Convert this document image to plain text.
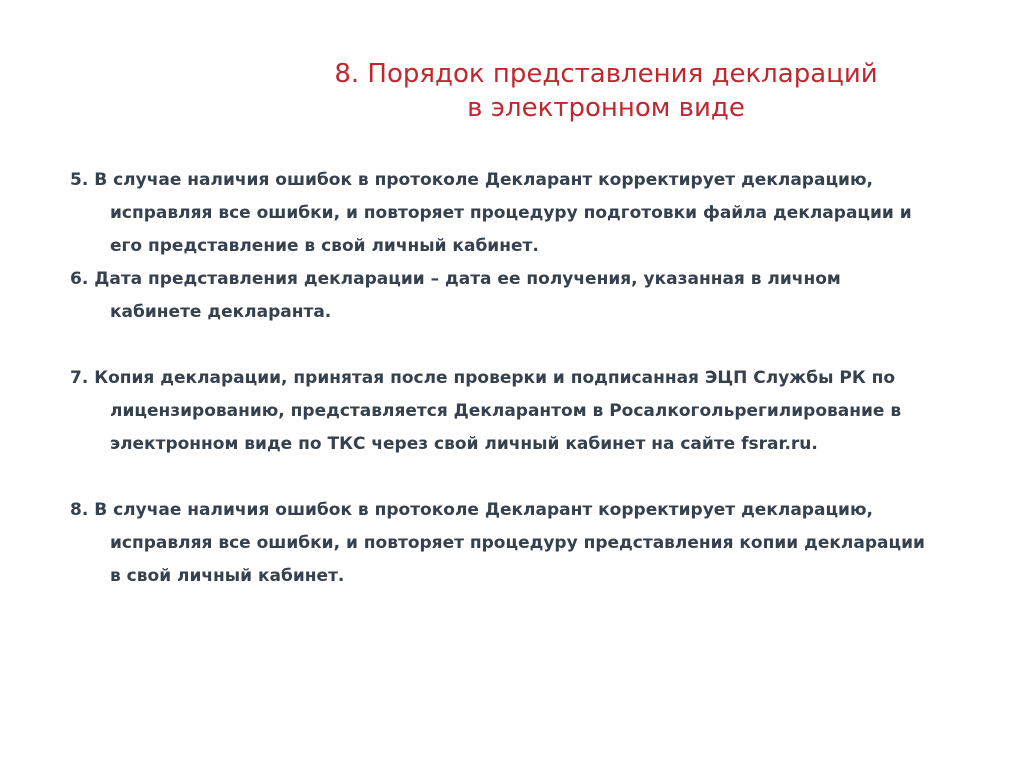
8. Порядок представления деклараций
в электронном виде
5. В случае наличия ошибок в протоколе Декларант корректирует декларацию,
исправляя все ошибки, и повторяет процедуру подготовки файла декларации и
его представление в свой личный кабинет.
6. Дата представления декларации – дата ее получения, указанная в личном
кабинете декларанта.
7. Копия декларации, принятая после проверки и подписанная ЭЦП Службы РК по
лицензированию, представляется Декларантом в Росалкогольрегилирование в
электронном виде по ТКС через свой личный кабинет на сайте fsrar.ru.
8. В случае наличия ошибок в протоколе Декларант корректирует декларацию,
исправляя все ошибки, и повторяет процедуру представления копии декларации
в свой личный кабинет.
